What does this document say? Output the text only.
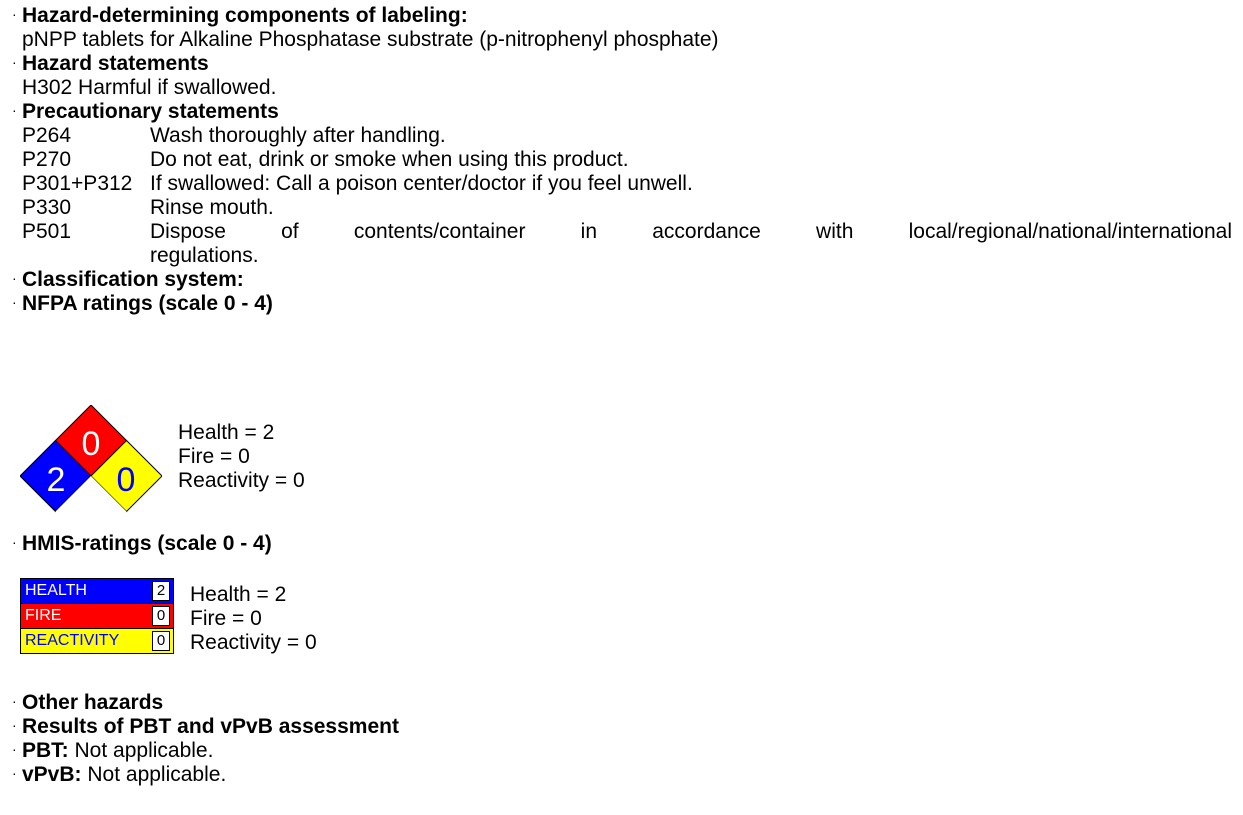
· Hazard-determining components of labeling:
pNPP tablets for Alkaline Phosphatase substrate (p-nitrophenyl phosphate)
· Hazard statements
H302 Harmful if swallowed.
· Precautionary statements
P264	Wash thoroughly after handling.
P270	Do not eat, drink or smoke when using this product.
P301+P312 If swallowed: Call a poison center/doctor if you feel unwell.
P330	Rinse mouth.
P501	Dispose of contents/container in accordance with local/regional/national/international
regulations.
· Classification system:
· NFPA ratings (scale 0 - 4)
0
2 0
Health = 2
Fire = 0
Reactivity = 0
· HMIS-ratings (scale 0 - 4)
HEALTH	2
FIRE	0
REACTIVITY	0
Health = 2
Fire = 0
Reactivity = 0
· Other hazards
· Results of PBT and vPvB assessment
· PBT: Not applicable.
· vPvB: Not applicable.
